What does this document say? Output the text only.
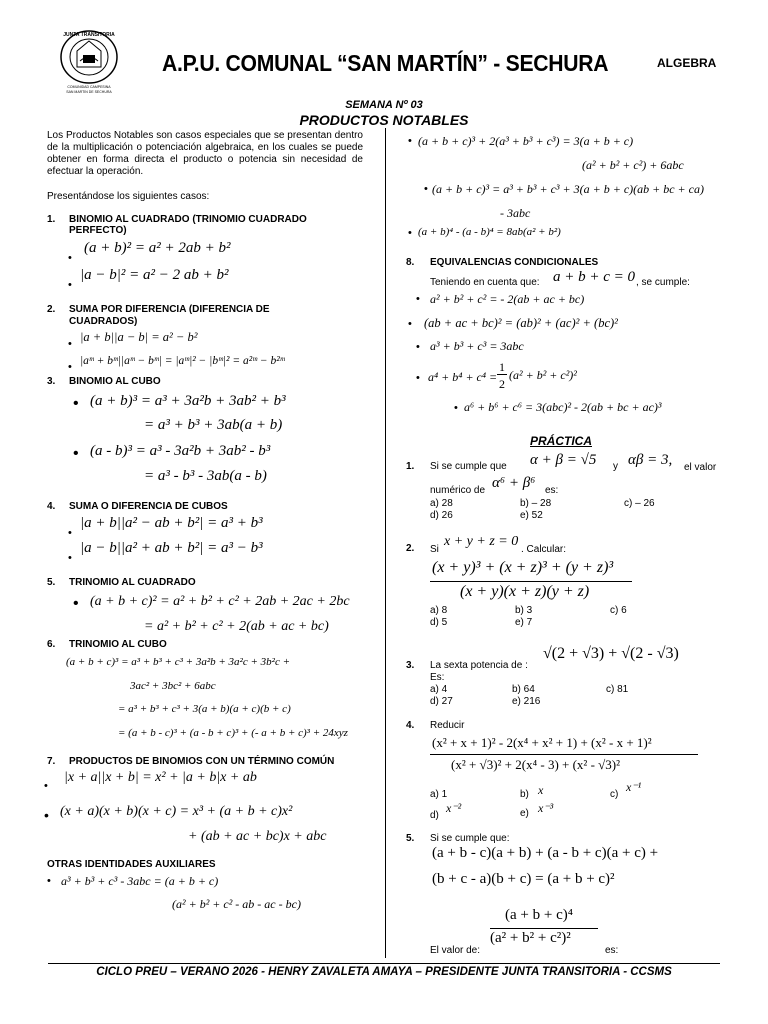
JUNTA TRANSITORIA
COMUNIDAD CAMPESINA
SAN MARTIN DE SECHURA
A.P.U. COMUNAL “SAN MARTÍN” - SECHURA	ALGEBRA
SEMANA Nº 03
PRODUCTOS NOTABLES
Los Productos Notables son casos especiales que se presentan dentro de la multiplicación o potenciación algebraica, en los cuales se puede obtener en forma directa el producto o potencia sin necesidad de efectuar la operación.
Presentándose los siguientes casos:
1. BINOMIO AL CUADRADO (TRINOMIO CUADRADO
PERFECTO)
•
(a + b)² = a² + 2ab + b²
•
|a − b|² = a² − 2 ab + b²
2. SUMA POR DIFERENCIA (DIFERENCIA DE
CUADRADOS)
• |a + b||a − b| = a² − b²
• |aᵐ + bᵐ||aᵐ − bᵐ| = |aᵐ|² − |bᵐ|² = a²ᵐ − b²ᵐ
3. BINOMIO AL CUBO
• (a + b)³ = a³ + 3a²b + 3ab² + b³
= a³ + b³ + 3ab(a + b)
• (a - b)³ = a³ - 3a²b + 3ab² - b³
= a³ - b³ - 3ab(a - b)
4. SUMA O DIFERENCIA DE CUBOS
•
|a + b||a² − ab + b²| = a³ + b³
•
|a − b||a² + ab + b²| = a³ − b³
5. TRINOMIO AL CUADRADO
• (a + b + c)² = a² + b² + c² + 2ab + 2ac + 2bc
= a² + b² + c² + 2(ab + ac + bc)
6. TRINOMIO AL CUBO
(a + b + c)³ = a³ + b³ + c³ + 3a²b + 3a²c + 3b²c +
3ac² + 3bc² + 6abc
= a³ + b³ + c³ + 3(a + b)(a + c)(b + c)
= (a + b - c)³ + (a - b + c)³ + (- a + b + c)³ + 24xyz
7. PRODUCTOS DE BINOMIOS CON UN TÉRMINO COMÚN
•
|x + a||x + b| = x² + |a + b|x + ab
• (x + a)(x + b)(x + c) = x³ + (a + b + c)x²
+ (ab + ac + bc)x + abc
OTRAS IDENTIDADES AUXILIARES
• a³ + b³ + c³ - 3abc = (a + b + c)
(a² + b² + c² - ab - ac - bc)
• (a + b + c)³ + 2(a³ + b³ + c³) = 3(a + b + c)
(a² + b² + c²) + 6abc
• (a + b + c)³ = a³ + b³ + c³ + 3(a + b + c)(ab + bc + ca)
- 3abc
• (a + b)⁴ - (a - b)⁴ = 8ab(a² + b²)
8. EQUIVALENCIAS CONDICIONALES
Teniendo en cuenta que: a + b + c = 0 , se cumple:
• a² + b² + c² = - 2(ab + ac + bc)
• (ab + ac + bc)² = (ab)² + (ac)² + (bc)²
• a³ + b³ + c³ = 3abc
• a⁴ + b⁴ + c⁴ =
1
2
(a² + b² + c²)²
• a⁶ + b⁶ + c⁶ = 3(abc)² - 2(ab + bc + ac)³
PRÁCTICA
1. Si se cumple que α + β = √5 y αβ = 3, el valor
numérico de α⁶ + β⁶ es:
a) 28	b) – 28	c) – 26
d) 26	e) 52
2. Si
x + y + z = 0
. Calcular:
(x + y)³ + (x + z)³ + (y + z)³
(x + y)(x + z)(y + z)
a) 8	b) 3	c) 6
d) 5	e) 7
3. La sexta potencia de :
√(2 + √3) + √(2 - √3)
Es:
a) 4	b) 64	c) 81
d) 27	e) 216
4. Reducir
(x² + x + 1)² - 2(x⁴ + x² + 1) + (x² - x + 1)²
(x² + √3)² + 2(x⁴ - 3) + (x² - √3)²
a) 1	b) x	c)
x⁻¹
d)
x⁻²	e) x⁻³
5. Si se cumple que:
(a + b - c)(a + b) + (a - b + c)(a + c) +
(b + c - a)(b + c) = (a + b + c)²
(a + b + c)⁴
(a² + b² + c²)²
El valor de:	es:
CICLO PREU – VERANO 2026 - HENRY ZAVALETA AMAYA – PRESIDENTE JUNTA TRANSITORIA - CCSMS
